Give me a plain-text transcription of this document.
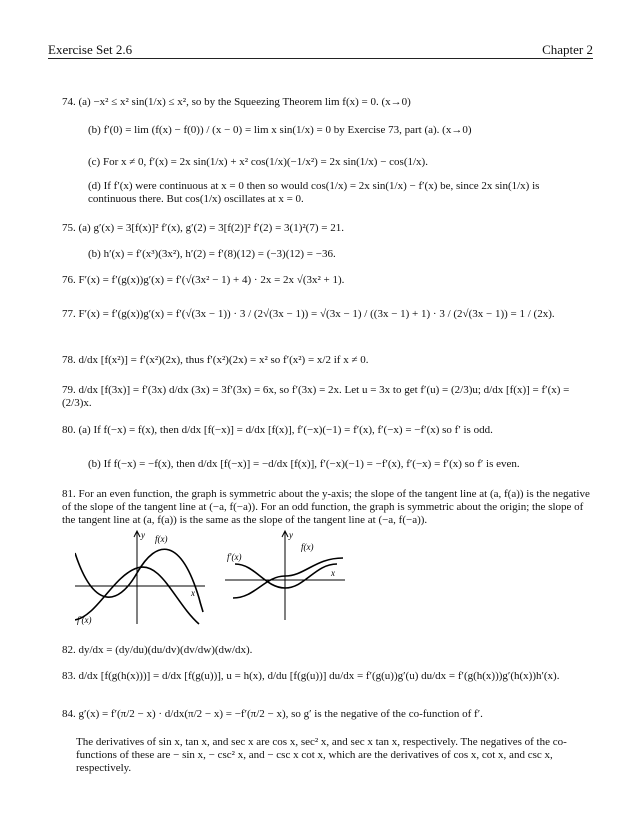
Exercise Set 2.6	Chapter 2
74. (a) −x² ≤ x² sin(1/x) ≤ x², so by the Squeezing Theorem lim f(x) = 0. (x→0)
(b) f′(0) = lim (f(x) − f(0)) / (x − 0) = lim x sin(1/x) = 0 by Exercise 73, part (a). (x→0)
(c) For x ≠ 0, f′(x) = 2x sin(1/x) + x² cos(1/x)(−1/x²) = 2x sin(1/x) − cos(1/x).
(d) If f′(x) were continuous at x = 0 then so would cos(1/x) = 2x sin(1/x) − f′(x) be, since 2x sin(1/x) is continuous there. But cos(1/x) oscillates at x = 0.
75. (a) g′(x) = 3[f(x)]² f′(x), g′(2) = 3[f(2)]² f′(2) = 3(1)²(7) = 21.
(b) h′(x) = f′(x³)(3x²), h′(2) = f′(8)(12) = (−3)(12) = −36.
76. F′(x) = f′(g(x))g′(x) = f′(√(3x² − 1) + 4) · 2x = 2x √(3x² + 1).
77. F′(x) = f′(g(x))g′(x) = f′(√(3x − 1)) · 3 / (2√(3x − 1)) = √(3x − 1) / ((3x − 1) + 1) · 3 / (2√(3x − 1)) = 1 / (2x).
78. d/dx [f(x²)] = f′(x²)(2x), thus f′(x²)(2x) = x² so f′(x²) = x/2 if x ≠ 0.
79. d/dx [f(3x)] = f′(3x) d/dx (3x) = 3f′(3x) = 6x, so f′(3x) = 2x. Let u = 3x to get f′(u) = (2/3)u; d/dx [f(x)] = f′(x) = (2/3)x.
80. (a) If f(−x) = f(x), then d/dx [f(−x)] = d/dx [f(x)], f′(−x)(−1) = f′(x), f′(−x) = −f′(x) so f′ is odd.
(b) If f(−x) = −f(x), then d/dx [f(−x)] = −d/dx [f(x)], f′(−x)(−1) = −f′(x), f′(−x) = f′(x) so f′ is even.
81. For an even function, the graph is symmetric about the y-axis; the slope of the tangent line at (a, f(a)) is the negative of the slope of the tangent line at (−a, f(−a)). For an odd function, the graph is symmetric about the origin; the slope of the tangent line at (a, f(a)) is the same as the slope of the tangent line at (−a, f(−a)).
y
x
f(x)
f′(x)
y
x
f(x)
f′(x)
82. dy/dx = (dy/du)(du/dv)(dv/dw)(dw/dx).
83. d/dx [f(g(h(x)))] = d/dx [f(g(u))], u = h(x), d/du [f(g(u))] du/dx = f′(g(u))g′(u) du/dx = f′(g(h(x)))g′(h(x))h′(x).
84. g′(x) = f′(π/2 − x) · d/dx(π/2 − x) = −f′(π/2 − x), so g′ is the negative of the co-function of f′.
The derivatives of sin x, tan x, and sec x are cos x, sec² x, and sec x tan x, respectively. The negatives of the co-functions of these are − sin x, − csc² x, and − csc x cot x, which are the derivatives of cos x, cot x, and csc x, respectively.
